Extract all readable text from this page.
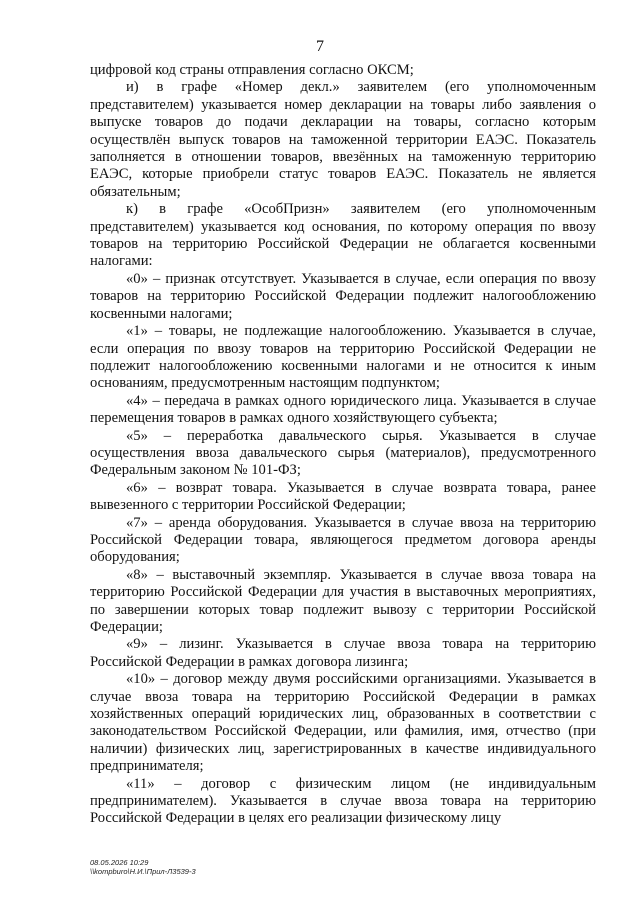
7

цифровой код страны отправления согласно ОКСМ;

и) в графе «Номер декл.» заявителем (его уполномоченным представителем) указывается номер декларации на товары либо заявления о выпуске товаров до подачи декларации на товары, согласно которым осуществлён выпуск товаров на таможенной территории ЕАЭС. Показатель заполняется в отношении товаров, ввезённых на таможенную территорию ЕАЭС, которые приобрели статус товаров ЕАЭС. Показатель не является обязательным;

к) в графе «ОсобПризн» заявителем (его уполномоченным представителем) указывается код основания, по которому операция по ввозу товаров на территорию Российской Федерации не облагается косвенными налогами:

«0» – признак отсутствует. Указывается в случае, если операция по ввозу товаров на территорию Российской Федерации подлежит налогообложению косвенными налогами;

«1» – товары, не подлежащие налогообложению. Указывается в случае, если операция по ввозу товаров на территорию Российской Федерации не подлежит налогообложению косвенными налогами и не относится к иным основаниям, предусмотренным настоящим подпунктом;

«4» – передача в рамках одного юридического лица. Указывается в случае перемещения товаров в рамках одного хозяйствующего субъекта;

«5» – переработка давальческого сырья. Указывается в случае осуществления ввоза давальческого сырья (материалов), предусмотренного Федеральным законом № 101-ФЗ;

«6» – возврат товара. Указывается в случае возврата товара, ранее вывезенного с территории Российской Федерации;

«7» – аренда оборудования. Указывается в случае ввоза на территорию Российской Федерации товара, являющегося предметом договора аренды оборудования;

«8» – выставочный экземпляр. Указывается в случае ввоза товара на территорию Российской Федерации для участия в выставочных мероприятиях, по завершении которых товар подлежит вывозу с территории Российской Федерации;

«9» – лизинг. Указывается в случае ввоза товара на территорию Российской Федерации в рамках договора лизинга;

«10» – договор между двумя российскими организациями. Указывается в случае ввоза товара на территорию Российской Федерации в рамках хозяйственных операций юридических лиц, образованных в соответствии с законодательством Российской Федерации, или фамилия, имя, отчество (при наличии) физических лиц, зарегистрированных в качестве индивидуального предпринимателя;

«11» – договор с физическим лицом (не индивидуальным предпринимателем). Указывается в случае ввоза товара на территорию Российской Федерации в целях его реализации физическому лицу

08.05.2026 10:29
\\kompburo\Н.И.\Прил-Л3539-3
